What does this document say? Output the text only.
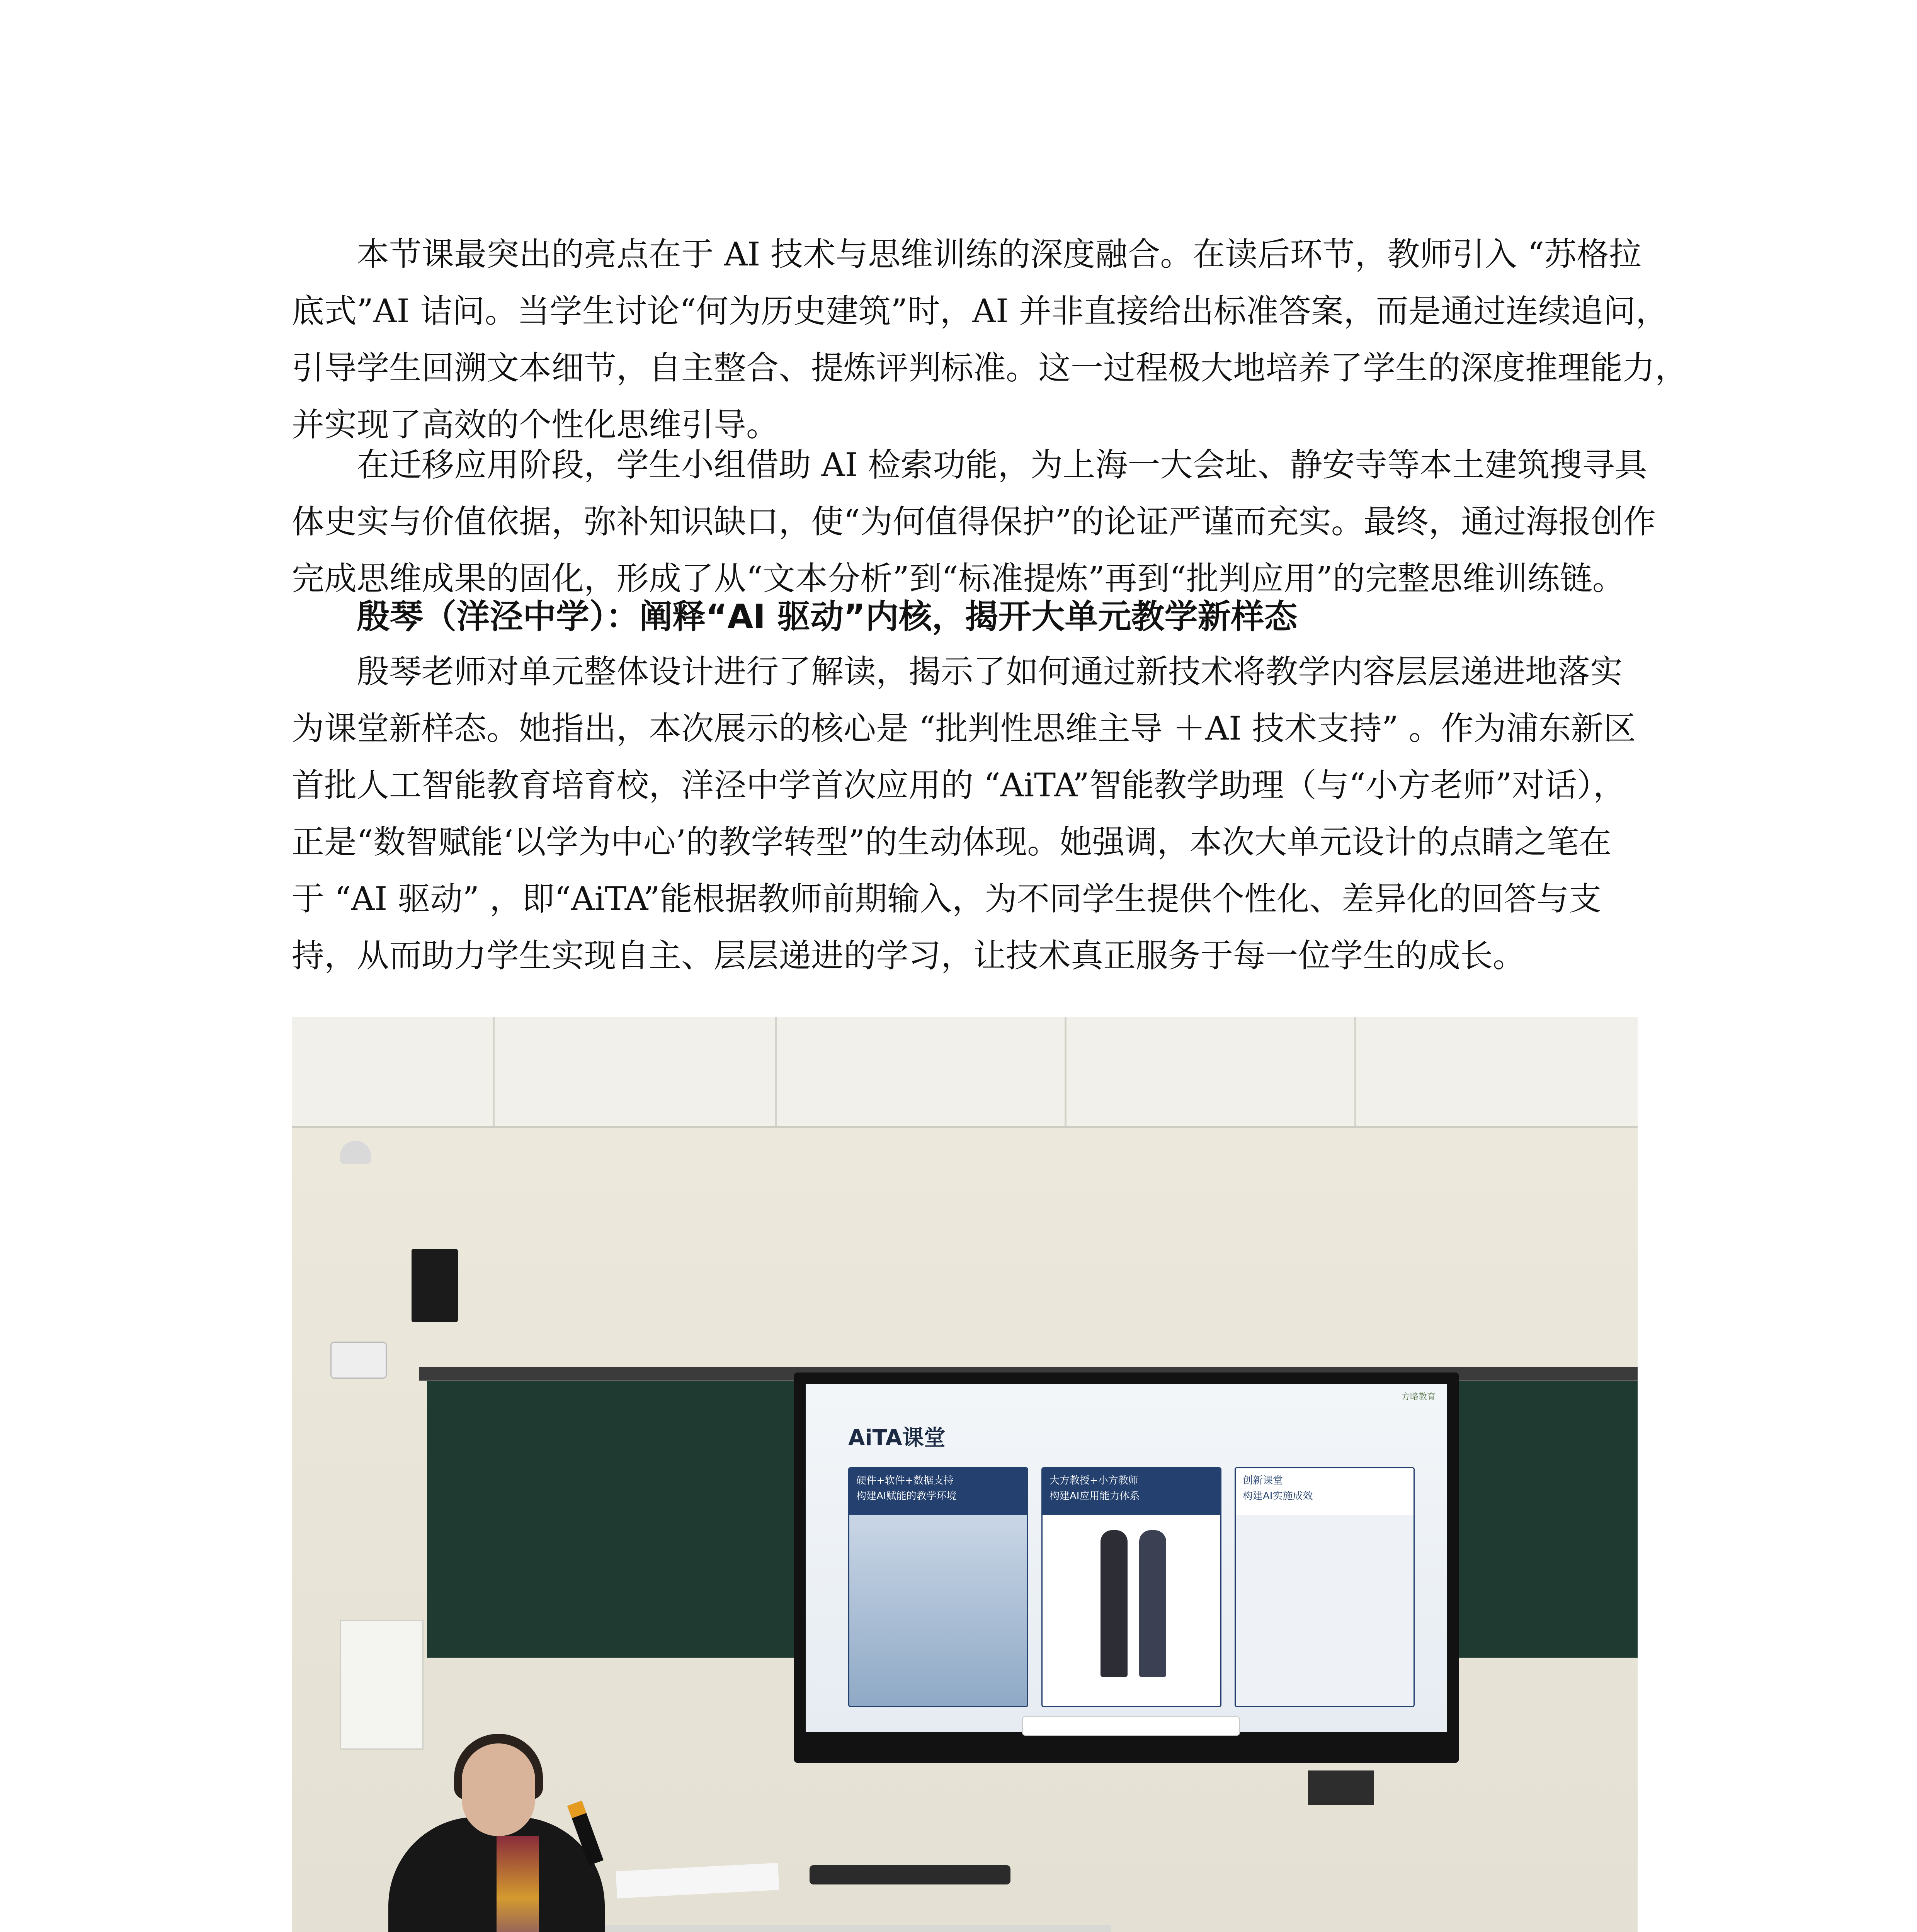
本节课最突出的亮点在于 AI 技术与思维训练的深度融合。在读后环节，教师引入 “苏格拉
底式”AI 诘问。当学生讨论“何为历史建筑”时，AI 并非直接给出标准答案，而是通过连续追问，
引导学生回溯文本细节，自主整合、提炼评判标准。这一过程极大地培养了学生的深度推理能力，
并实现了高效的个性化思维引导。
在迁移应用阶段，学生小组借助 AI 检索功能，为上海一大会址、静安寺等本土建筑搜寻具
体史实与价值依据，弥补知识缺口，使“为何值得保护”的论证严谨而充实。最终，通过海报创作
完成思维成果的固化，形成了从“文本分析”到“标准提炼”再到“批判应用”的完整思维训练链。
殷琴（洋泾中学）：阐释“AI 驱动”内核，揭开大单元教学新样态
殷琴老师对单元整体设计进行了解读，揭示了如何通过新技术将教学内容层层递进地落实
为课堂新样态。她指出，本次展示的核心是 “批判性思维主导 ＋AI 技术支持” 。作为浦东新区
首批人工智能教育培育校，洋泾中学首次应用的 “AiTA”智能教学助理（与“小方老师”对话），
正是“数智赋能‘以学为中心’的教学转型”的生动体现。她强调，本次大单元设计的点睛之笔在
于 “AI 驱动” ，即“AiTA”能根据教师前期输入，为不同学生提供个性化、差异化的回答与支
持，从而助力学生实现自主、层层递进的学习，让技术真正服务于每一位学生的成长。
方略教育
AiTA课堂
硬件+软件+数据支持
构建AI赋能的教学环境
大方教授+小方教师
构建AI应用能力体系
创新课堂
构建AI实施成效
